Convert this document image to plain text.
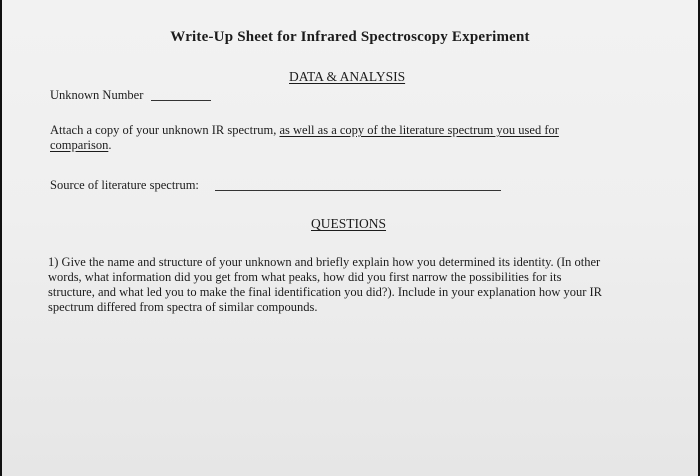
Write-Up Sheet for Infrared Spectroscopy Experiment
DATA & ANALYSIS
Unknown Number
Attach a copy of your unknown IR spectrum, as well as a copy of the literature spectrum you used for
comparison.
Source of literature spectrum:
QUESTIONS
1) Give the name and structure of your unknown and briefly explain how you determined its identity. (In other
words, what information did you get from what peaks, how did you first narrow the possibilities for its
structure, and what led you to make the final identification you did?). Include in your explanation how your IR
spectrum differed from spectra of similar compounds.
